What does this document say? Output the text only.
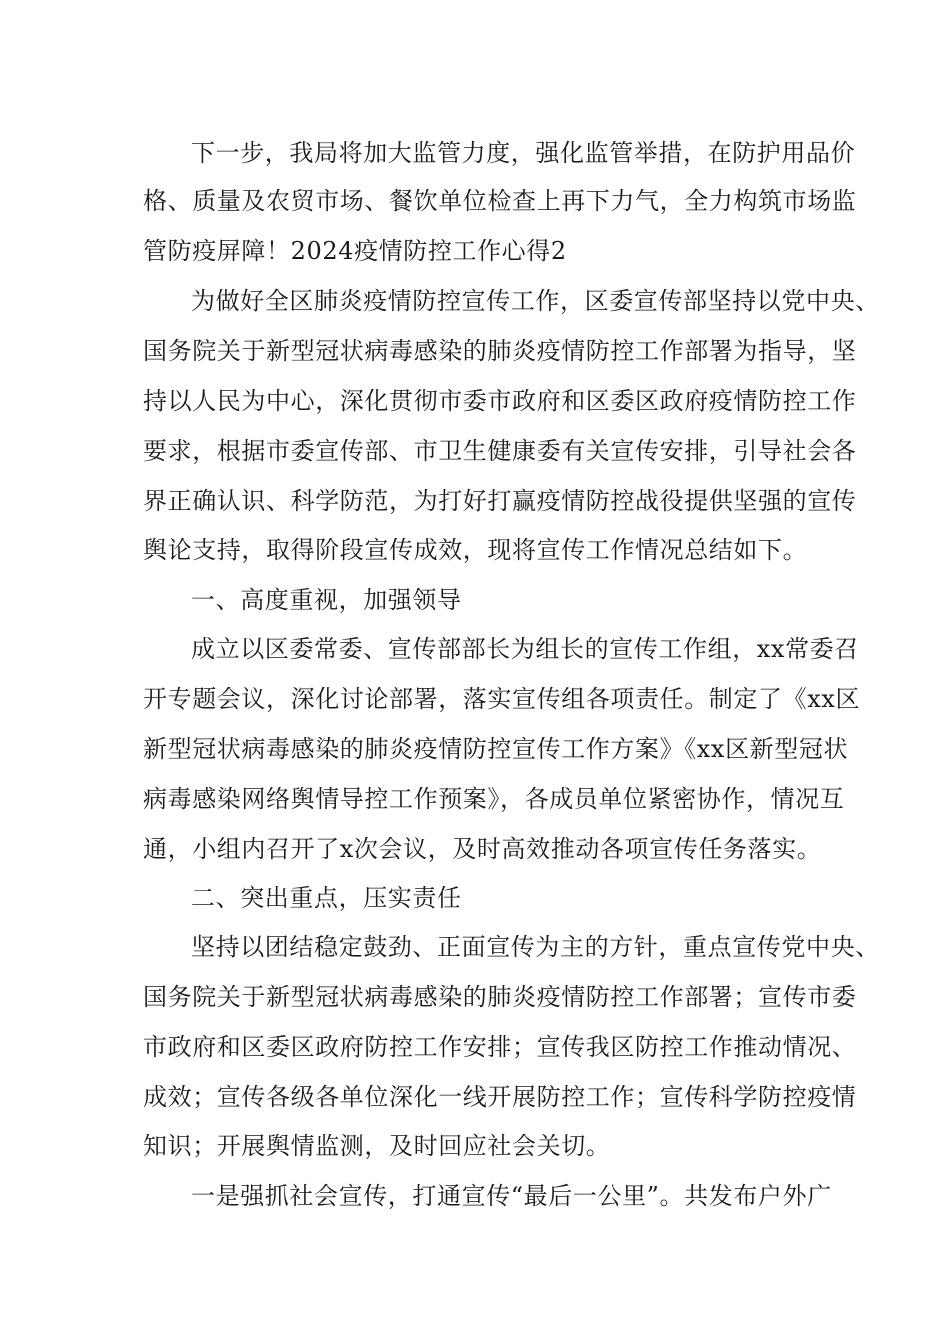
下一步，我局将加大监管力度，强化监管举措，在防护用品价
格、质量及农贸市场、餐饮单位检查上再下力气，全力构筑市场监
管防疫屏障！2024疫情防控工作心得2
为做好全区肺炎疫情防控宣传工作，区委宣传部坚持以党中央、
国务院关于新型冠状病毒感染的肺炎疫情防控工作部署为指导，坚
持以人民为中心，深化贯彻市委市政府和区委区政府疫情防控工作
要求，根据市委宣传部、市卫生健康委有关宣传安排，引导社会各
界正确认识、科学防范，为打好打赢疫情防控战役提供坚强的宣传
舆论支持，取得阶段宣传成效，现将宣传工作情况总结如下。
一、高度重视，加强领导
成立以区委常委、宣传部部长为组长的宣传工作组，xx常委召
开专题会议，深化讨论部署，落实宣传组各项责任。制定了《xx区
新型冠状病毒感染的肺炎疫情防控宣传工作方案》《xx区新型冠状
病毒感染网络舆情导控工作预案》，各成员单位紧密协作，情况互
通，小组内召开了x次会议，及时高效推动各项宣传任务落实。
二、突出重点，压实责任
坚持以团结稳定鼓劲、正面宣传为主的方针，重点宣传党中央、
国务院关于新型冠状病毒感染的肺炎疫情防控工作部署；宣传市委
市政府和区委区政府防控工作安排；宣传我区防控工作推动情况、
成效；宣传各级各单位深化一线开展防控工作；宣传科学防控疫情
知识；开展舆情监测，及时回应社会关切。
一是强抓社会宣传，打通宣传“最后一公里”。共发布户外广
